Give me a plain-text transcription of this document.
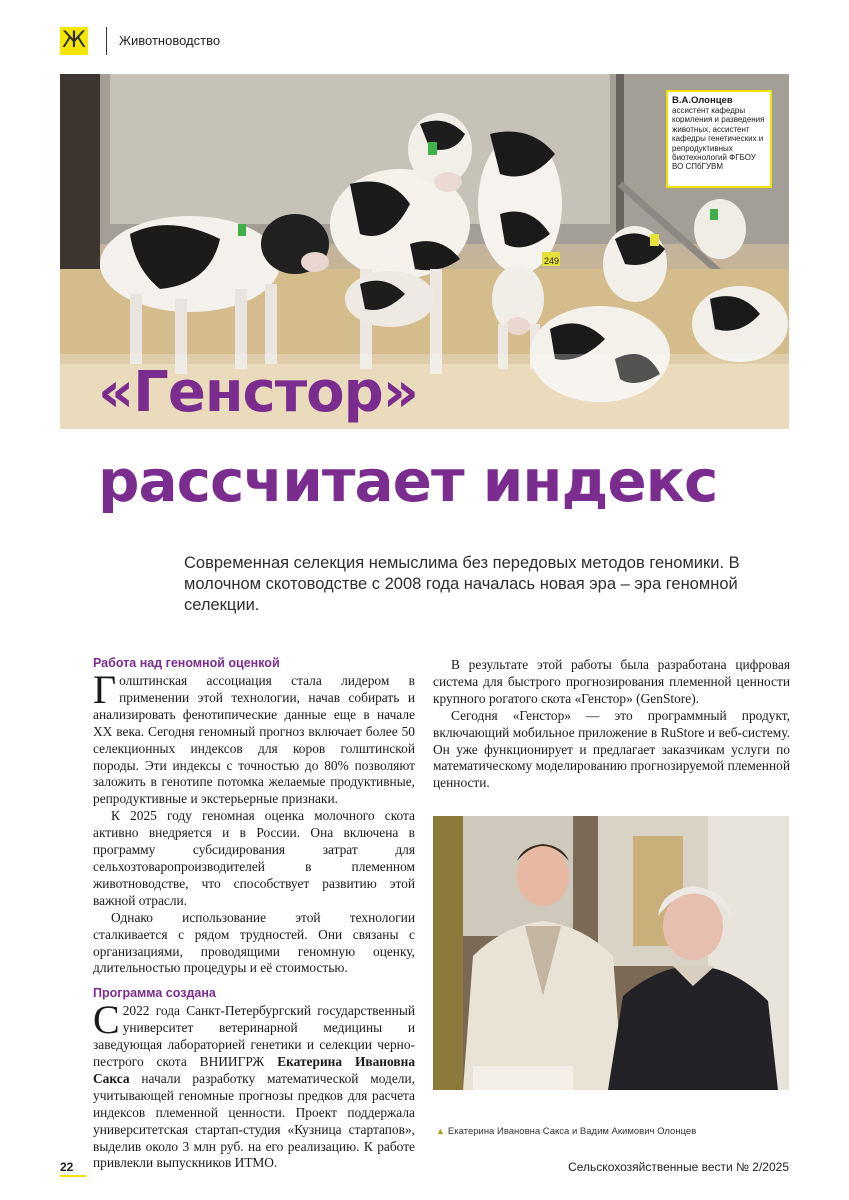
Ж	Животноводство
249
В.А.Олонцев
ассистент кафедры кормления и разведения животных, ассистент кафедры генетических и репродуктивных биотехнологий ФГБОУ ВО СПбГУВМ
«Генстор»
рассчитает индекс
Современная селекция немыслима без передовых методов геномики. В молочном скотоводстве с 2008 года началась новая эра – эра геномной селекции.
Работа над геномной оценкой

Голштинская ассоциация стала лидером в применении этой технологии, начав собирать и анализировать фенотипические данные еще в начале XX века. Сегодня геномный прогноз включает более 50 селекционных индексов для коров голштинской породы. Эти индексы с точностью до 80% позволяют заложить в генотипе потомка желаемые продуктивные, репродуктивные и экстерьерные признаки.

К 2025 году геномная оценка молочного скота активно внедряется и в России. Она включена в программу субсидирования затрат для сельхозтоваропроизводителей в племенном животноводстве, что способствует развитию этой важной отрасли.

Однако использование этой технологии сталкивается с рядом трудностей. Они связаны с организациями, проводящими геномную оценку, длительностью процедуры и её стоимостью.

Программа создана

С 2022 года Санкт-Петербургский государственный университет ветеринарной медицины и заведующая лабораторией генетики и селекции черно-пестрого скота ВНИИГРЖ Екатерина Ивановна Сакса начали разработку математической модели, учитывающей геномные прогнозы предков для расчета индексов племенной ценности. Проект поддержала университетская стартап-студия «Кузница стартапов», выделив около 3 млн руб. на его реализацию. К работе привлекли выпускников ИТМО.

В результате этой работы была разработана цифровая система для быстрого прогнозирования племенной ценности крупного рогатого скота «Генстор» (GenStore).

Сегодня «Генстор» — это программный продукт, включающий мобильное приложение в RuStore и веб-систему. Он уже функционирует и предлагает заказчикам услуги по математическому моделированию прогнозируемой племенной ценности.

▲ Екатерина Ивановна Сакса и Вадим Акимович Олонцев
22	Сельскохозяйственные вести № 2/2025
